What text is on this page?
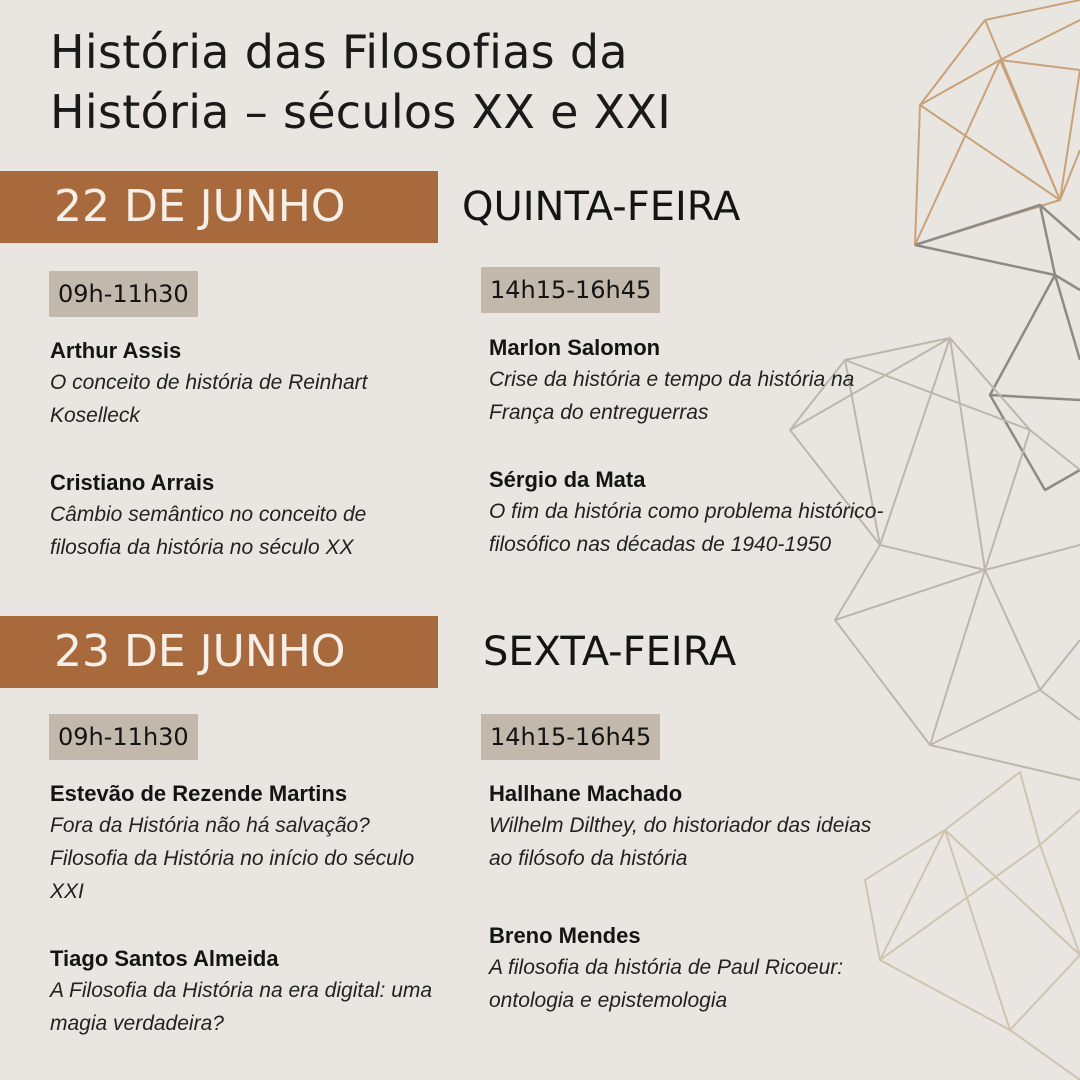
História das Filosofias da
História – séculos XX e XXI
22 DE JUNHO	QUINTA-FEIRA
09h-11h30	14h15-16h45
Arthur Assis
O conceito de história de Reinhart Koselleck
Cristiano Arrais
Câmbio semântico no conceito de filosofia da história no século XX
Marlon Salomon
Crise da história e tempo da história na França do entreguerras
Sérgio da Mata
O fim da história como problema histórico-filosófico nas décadas de 1940-1950
23 DE JUNHO	SEXTA-FEIRA
09h-11h30	14h15-16h45
Estevão de Rezende Martins
Fora da História não há salvação? Filosofia da História no início do século XXI
Tiago Santos Almeida
A Filosofia da História na era digital: uma magia verdadeira?
Hallhane Machado
Wilhelm Dilthey, do historiador das ideias ao filósofo da história
Breno Mendes
A filosofia da história de Paul Ricoeur: ontologia e epistemologia
